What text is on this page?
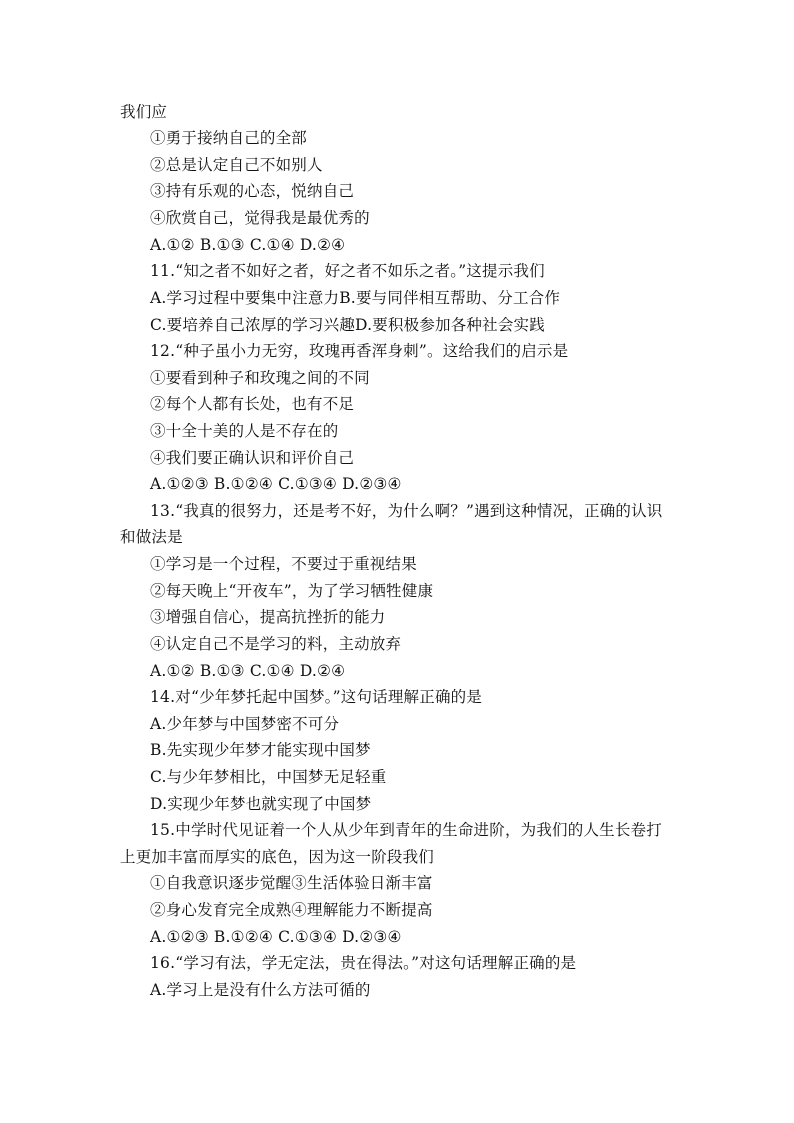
我们应
①勇于接纳自己的全部
②总是认定自己不如别人
③持有乐观的心态，悦纳自己
④欣赏自己，觉得我是最优秀的
A.①② B.①③ C.①④ D.②④
11.“知之者不如好之者，好之者不如乐之者。”这提示我们
A.学习过程中要集中注意力B.要与同伴相互帮助、分工合作
C.要培养自己浓厚的学习兴趣D.要积极参加各种社会实践
12.“种子虽小力无穷，玫瑰再香浑身刺”。这给我们的启示是
①要看到种子和玫瑰之间的不同
②每个人都有长处，也有不足
③十全十美的人是不存在的
④我们要正确认识和评价自己
A.①②③ B.①②④ C.①③④ D.②③④
13.“我真的很努力，还是考不好，为什么啊？”遇到这种情况，正确的认识
和做法是
①学习是一个过程，不要过于重视结果
②每天晚上“开夜车”，为了学习牺牲健康
③增强自信心，提高抗挫折的能力
④认定自己不是学习的料，主动放弃
A.①② B.①③ C.①④ D.②④
14.对“少年梦托起中国梦。”这句话理解正确的是
A.少年梦与中国梦密不可分
B.先实现少年梦才能实现中国梦
C.与少年梦相比，中国梦无足轻重
D.实现少年梦也就实现了中国梦
15.中学时代见证着一个人从少年到青年的生命进阶，为我们的人生长卷打
上更加丰富而厚实的底色，因为这一阶段我们
①自我意识逐步觉醒③生活体验日渐丰富
②身心发育完全成熟④理解能力不断提高
A.①②③ B.①②④ C.①③④ D.②③④
16.“学习有法，学无定法，贵在得法。”对这句话理解正确的是
A.学习上是没有什么方法可循的
